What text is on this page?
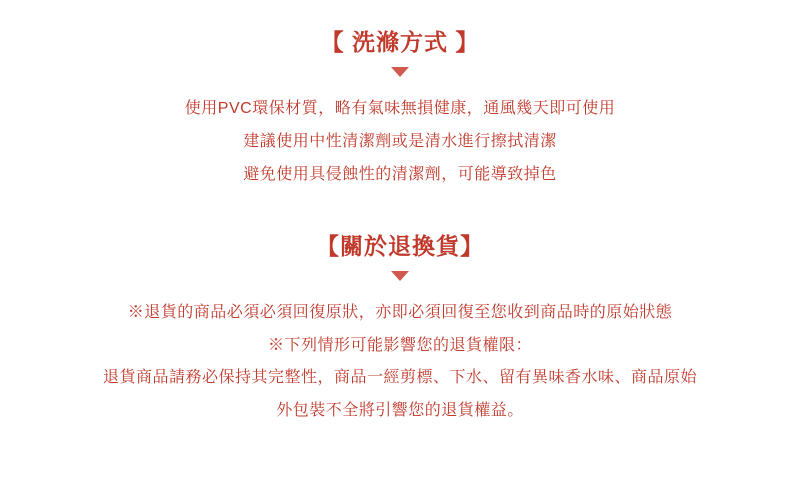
【 洗滌方式 】
使用PVC環保材質，略有氣味無損健康，通風幾天即可使用
建議使用中性清潔劑或是清水進行擦拭清潔
避免使用具侵蝕性的清潔劑，可能導致掉色
【關於退換貨】
※退貨的商品必須必須回復原狀，亦即必須回復至您收到商品時的原始狀態
※下列情形可能影響您的退貨權限：
退貨商品請務必保持其完整性，商品一經剪標、下水、留有異味香水味、商品原始
外包裝不全將引響您的退貨權益。
